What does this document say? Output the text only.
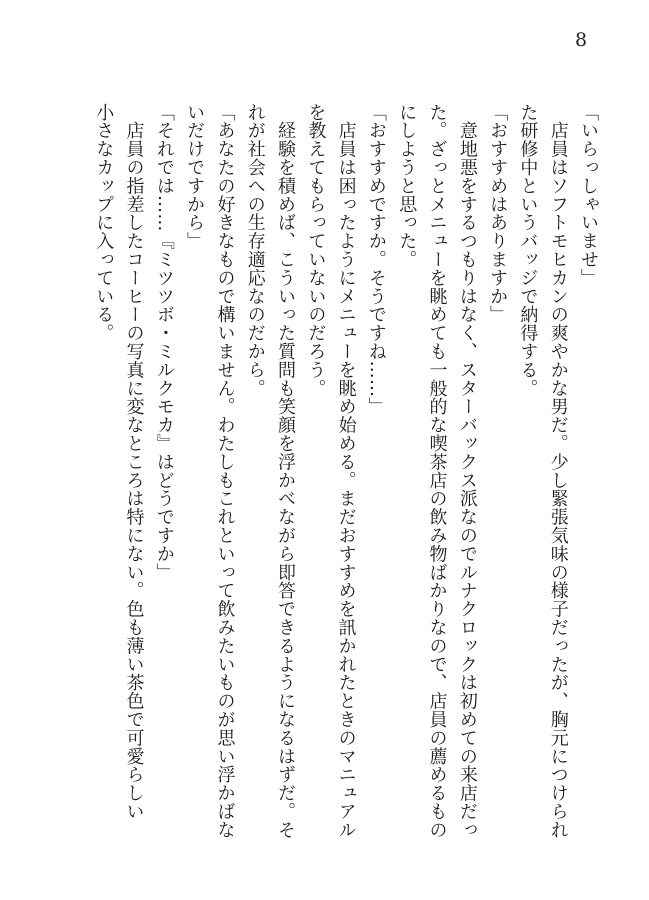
8
「いらっしゃいませ」
　店員はソフトモヒカンの爽やかな男だ。少し緊張気味の様子だったが、胸元につけられ
た研修中というバッジで納得する。
「おすすめはありますか」
　意地悪をするつもりはなく、スターバックス派なのでルナクロックは初めての来店だっ
た。ざっとメニューを眺めても一般的な喫茶店の飲み物ばかりなので、店員の薦めるもの
にしようと思った。
「おすすめですか。そうですね……」
　店員は困ったようにメニューを眺め始める。まだおすすめを訊かれたときのマニュアル
を教えてもらっていないのだろう。
　経験を積めば、こういった質問も笑顔を浮かべながら即答できるようになるはずだ。そ
れが社会への生存適応なのだから。
「あなたの好きなもので構いません。わたしもこれといって飲みたいものが思い浮かばな
いだけですから」
「それでは……『ミツツボ・ミルクモカ』はどうですか」
　店員の指差したコーヒーの写真に変なところは特にない。色も薄い茶色で可愛らしい
小さなカップに入っている。
